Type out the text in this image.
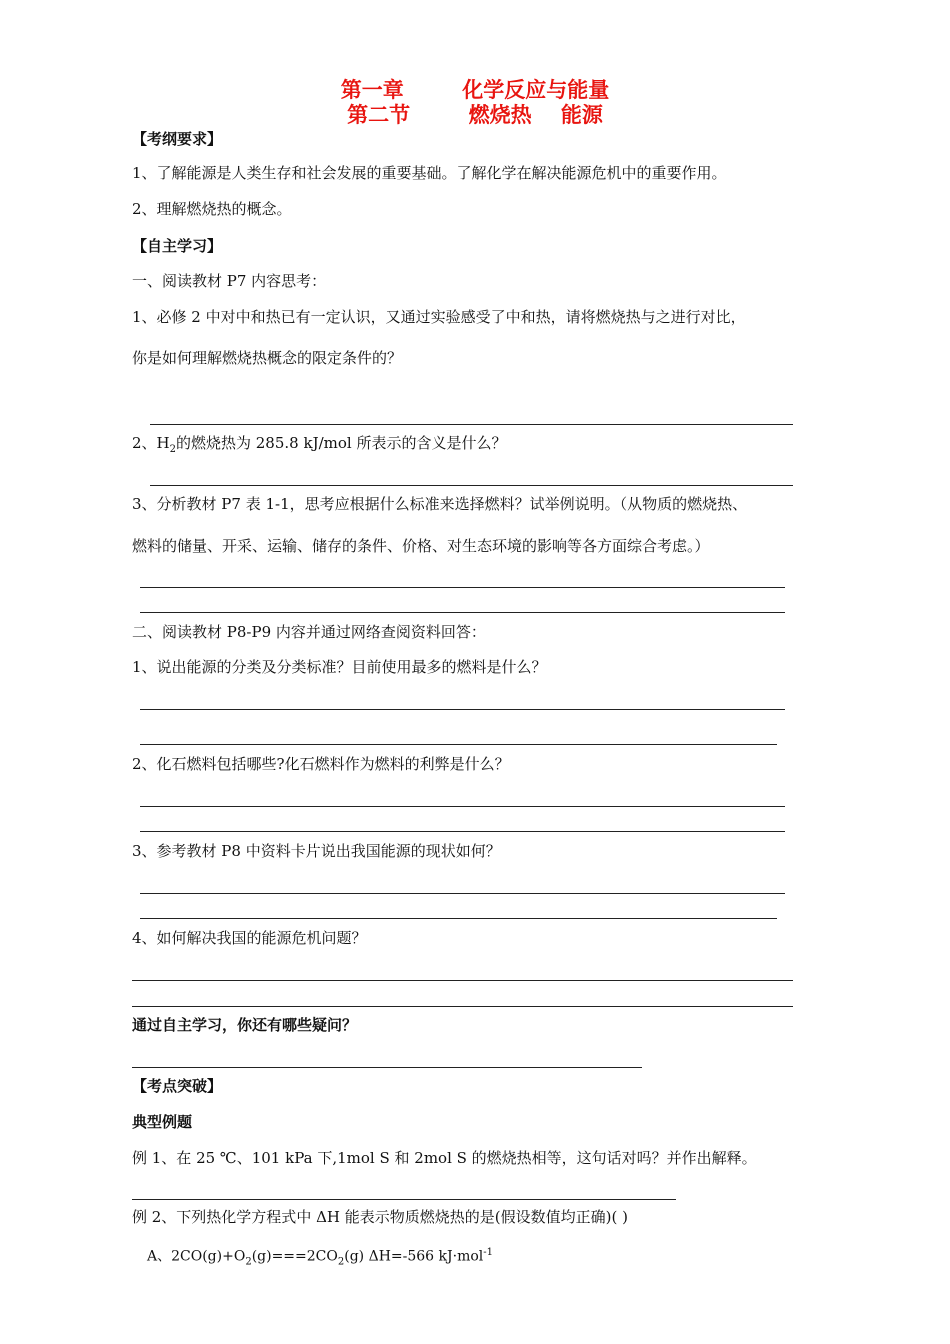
第一章        化学反应与能量
第二节        燃烧热    能源
【考纲要求】
1、了解能源是人类生存和社会发展的重要基础。了解化学在解决能源危机中的重要作用。
2、理解燃烧热的概念。
【自主学习】
一、阅读教材 P7 内容思考：
1、必修 2 中对中和热已有一定认识，又通过实验感受了中和热，请将燃烧热与之进行对比，
你是如何理解燃烧热概念的限定条件的？
2、$H_2$的燃烧热为 285.8 kJ/mol 所表示的含义是什么？
3、分析教材 P7 表 1-1，思考应根据什么标准来选择燃料？试举例说明。（从物质的燃烧热、
燃料的储量、开采、运输、储存的条件、价格、对生态环境的影响等各方面综合考虑。）
二、阅读教材 P8-P9 内容并通过网络查阅资料回答：
1、说出能源的分类及分类标准？目前使用最多的燃料是什么？
2、化石燃料包括哪些?化石燃料作为燃料的利弊是什么？
3、参考教材 P8 中资料卡片说出我国能源的现状如何？
4、如何解决我国的能源危机问题？
通过自主学习，你还有哪些疑问？
【考点突破】
典型例题
例 1、在 25 ℃、101 kPa 下,1mol S 和 2mol S 的燃烧热相等，这句话对吗？并作出解释。
例 2、下列热化学方程式中 ΔH 能表示物质燃烧热的是(假设数值均正确)( )
A、$2CO(g)+O_2(g)===2CO_2(g)$ ΔH=-566 kJ·mol$^{-1}$
